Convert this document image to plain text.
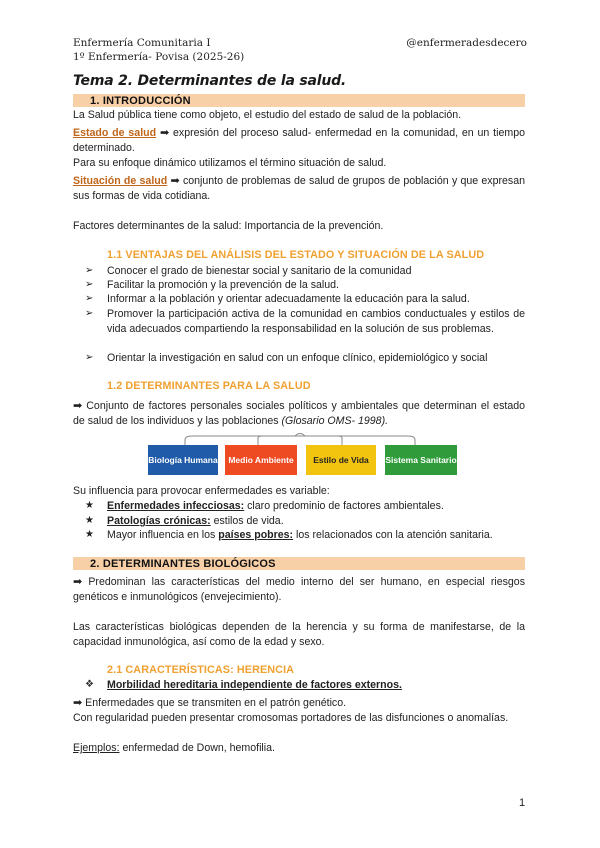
Enfermería Comunitaria I	@enfermeradesdecero
1º Enfermería- Povisa (2025-26)
Tema 2. Determinantes de la salud.
1. INTRODUCCIÓN
La Salud pública tiene como objeto, el estudio del estado de salud de la población.
Estado de salud ➡ expresión del proceso salud- enfermedad en la comunidad, en un tiempo determinado.
Para su enfoque dinámico utilizamos el término situación de salud.
Situación de salud ➡ conjunto de problemas de salud de grupos de población y que expresan sus formas de vida cotidiana.
Factores determinantes de la salud: Importancia de la prevención.
1.1 VENTAJAS DEL ANÁLISIS DEL ESTADO Y SITUACIÓN DE LA SALUD
➢ Conocer el grado de bienestar social y sanitario de la comunidad
➢ Facilitar la promoción y la prevención de la salud.
➢ Informar a la población y orientar adecuadamente la educación para la salud.
➢ Promover la participación activa de la comunidad en cambios conductuales y estilos de vida adecuados compartiendo la responsabilidad en la solución de sus problemas.
➢ Orientar la investigación en salud con un enfoque clínico, epidemiológico y social
1.2 DETERMINANTES PARA LA SALUD
➡ Conjunto de factores personales sociales políticos y ambientales que determinan el estado de salud de los individuos y las poblaciones (Glosario OMS- 1998).
Biología Humana Medio Ambiente Estilo de Vida Sistema Sanitario
Su influencia para provocar enfermedades es variable:
★ Enfermedades infecciosas: claro predominio de factores ambientales.
★ Patologías crónicas: estilos de vida.
★ Mayor influencia en los países pobres: los relacionados con la atención sanitaria.
2. DETERMINANTES BIOLÓGICOS
➡ Predominan las características del medio interno del ser humano, en especial riesgos genéticos e inmunológicos (envejecimiento).
Las características biológicas dependen de la herencia y su forma de manifestarse, de la capacidad inmunológica, así como de la edad y sexo.
2.1 CARACTERÍSTICAS: HERENCIA
❖ Morbilidad hereditaria independiente de factores externos.
➡ Enfermedades que se transmiten en el patrón genético.
Con regularidad pueden presentar cromosomas portadores de las disfunciones o anomalías.
Ejemplos: enfermedad de Down, hemofilia.
1
